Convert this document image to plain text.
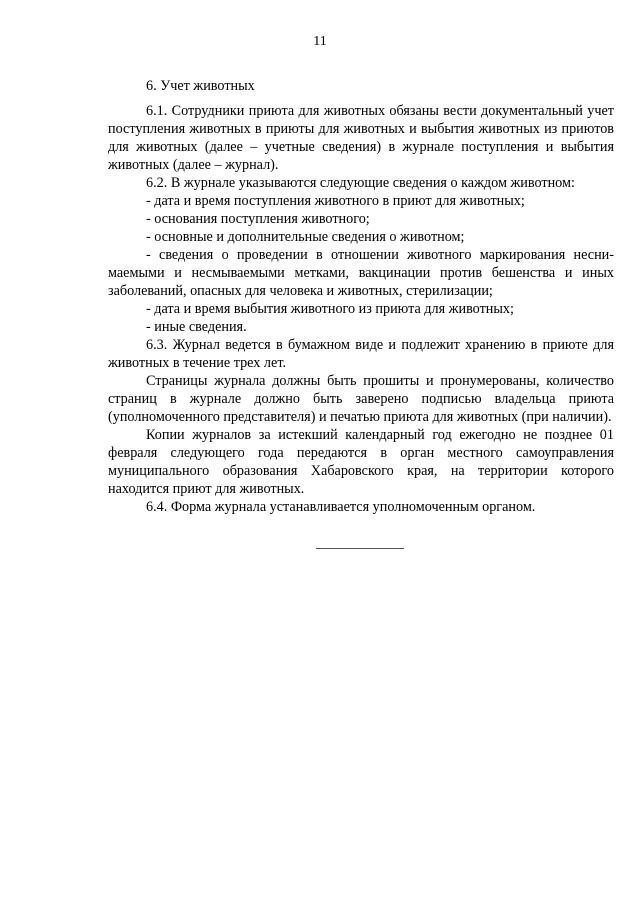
11

6. Учет животных

6.1. Сотрудники приюта для животных обязаны вести документальный учет поступления животных в приюты для животных и выбытия животных из приютов для животных (далее – учетные сведения) в журнале поступления и выбытия животных (далее – журнал).

6.2. В журнале указываются следующие сведения о каждом животном:

- дата и время поступления животного в приют для животных;

- основания поступления животного;

- основные и дополнительные сведения о животном;

- сведения о проведении в отношении животного маркирования неснимаемыми и несмываемыми метками, вакцинации против бешенства и иных заболеваний, опасных для человека и животных, стерилизации;

- дата и время выбытия животного из приюта для животных;

- иные сведения.

6.3. Журнал ведется в бумажном виде и подлежит хранению в приюте для животных в течение трех лет.

Страницы журнала должны быть прошиты и пронумерованы, количество страниц в журнале должно быть заверено подписью владельца приюта (уполномоченного представителя) и печатью приюта для животных (при наличии).

Копии журналов за истекший календарный год ежегодно не позднее 01 февраля следующего года передаются в орган местного самоуправления муниципального образования Хабаровского края, на территории которого находится приют для животных.

6.4. Форма журнала устанавливается уполномоченным органом.
